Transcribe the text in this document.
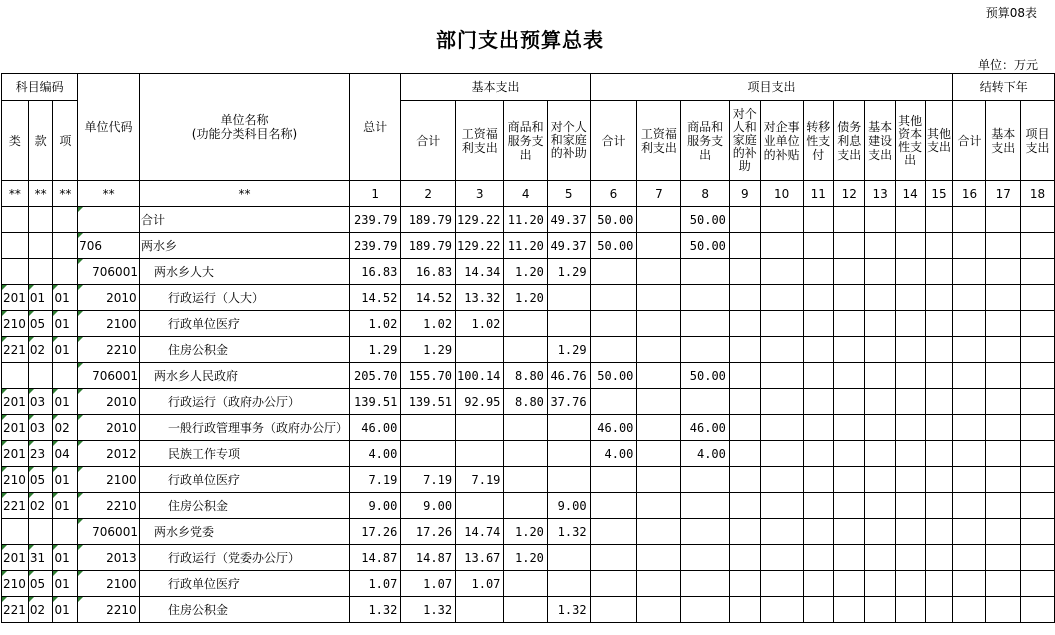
预算08表
部门支出预算总表
单位：万元
科目编码			单位代码	单位名称
(功能分类科目名称)	总计	基本支出				项目支出										结转下年		
类	款	项				合计	工资福利支出	商品和服务支出	对个人和家庭的补助	合计	工资福利支出	商品和服务支出	对个人和家庭的补助	对企事业单位的补贴	转移性支付	债务利息支出	基本建设支出	其他资本性支出	其他支出	合计	基本支出	项目支出
**	**	**	**	**	1	2	3	4	5	6	7	8	9	10	11	12	13	14	15	16	17	18
				合计	239.79	189.79	129.22	11.20	49.37	50.00		50.00										
			706	两水乡	239.79	189.79	129.22	11.20	49.37	50.00		50.00										
			706001	两水乡人大	16.83	16.83	14.34	1.20	1.29													
201	01	01	2010	行政运行（人大）	14.52	14.52	13.32	1.20														
210	05	01	2100	行政单位医疗	1.02	1.02	1.02															
221	02	01	2210	住房公积金	1.29	1.29			1.29													
			706001	两水乡人民政府	205.70	155.70	100.14	8.80	46.76	50.00		50.00										
201	03	01	2010	行政运行（政府办公厅）	139.51	139.51	92.95	8.80	37.76													
201	03	02	2010	一般行政管理事务（政府办公厅）	46.00					46.00		46.00										
201	23	04	2012	民族工作专项	4.00					4.00		4.00										
210	05	01	2100	行政单位医疗	7.19	7.19	7.19															
221	02	01	2210	住房公积金	9.00	9.00			9.00													
			706001	两水乡党委	17.26	17.26	14.74	1.20	1.32													
201	31	01	2013	行政运行（党委办公厅）	14.87	14.87	13.67	1.20														
210	05	01	2100	行政单位医疗	1.07	1.07	1.07															
221	02	01	2210	住房公积金	1.32	1.32			1.32													
